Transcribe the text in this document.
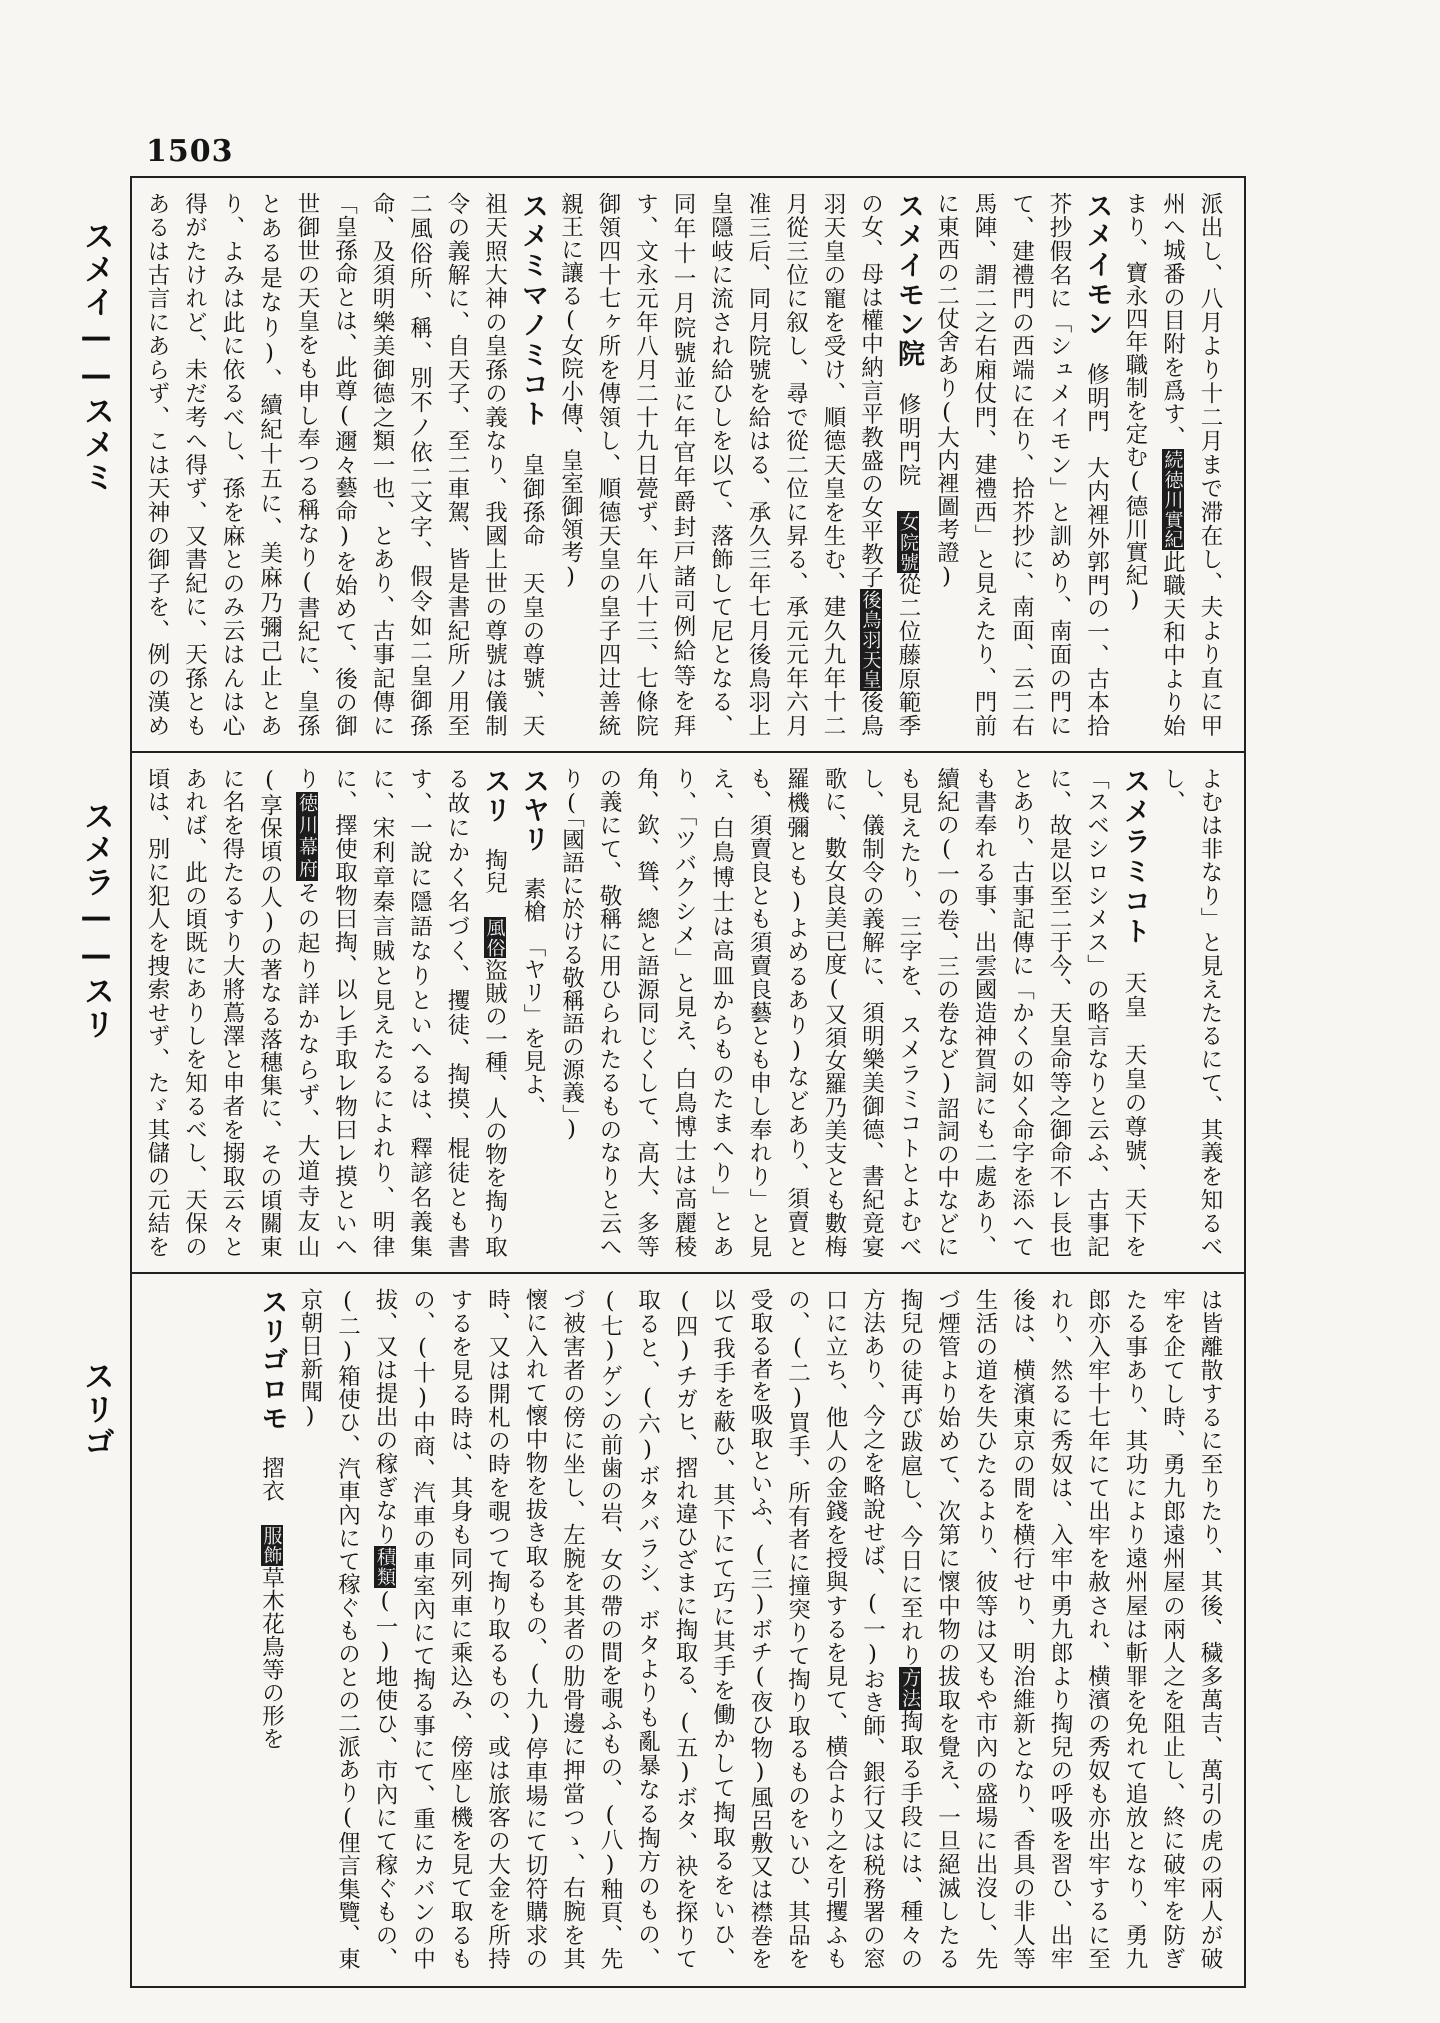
1503
スメイ——スメミ
スメラ——スリ
スリゴ
派出し、八月より十二月まで滞在し、夫より直に甲州へ城番の目附を爲す、続徳川實紀此職天和中より始まり、寶永四年職制を定む(德川實紀)
スメイモン　修明門　大内裡外郭門の一、古本拾芥抄假名に「シュメイモン」と訓めり、南面の門にて、建禮門の西端に在り、拾芥抄に、南面、云二右馬陣、謂二之右廂仗門、建禮西」と見えたり、門前に東西の二仗舍あり(大内裡圖考證)
スメイモン院　修明門院　女院號從二位藤原範季の女、母は權中納言平教盛の女平教子後鳥羽天皇後鳥羽天皇の寵を受け、順德天皇を生む、建久九年十二月從三位に叙し、尋で從二位に昇る、承元元年六月准三后、同月院號を給はる、承久三年七月後鳥羽上皇隱岐に流され給ひしを以て、落飾して尼となる、同年十一月院號並に年官年爵封戸諸司例給等を拜す、文永元年八月二十九日甍ず、年八十三、七條院御領四十七ヶ所を傳領し、順德天皇の皇子四辻善統親王に讓る(女院小傳、皇室御領考)
スメミマノミコト　皇御孫命　天皇の尊號、天祖天照大神の皇孫の義なり、我國上世の尊號は儀制令の義解に、自天子、至二車駕、皆是書紀所ノ用至二風俗所、稱、別不ノ依二文字、假令如二皇御孫命、及須明樂美御德之類一也、とあり、古事記傳に「皇孫命とは、此尊(邇々藝命)を始めて、後の御世御世の天皇をも申し奉つる稱なり(書紀に、皇孫とある是なり)、續紀十五に、美麻乃彌己止とあり、よみは此に依るべし、孫を麻とのみ云はんは心得がたけれど、未だ考へ得ず、又書紀に、天孫ともあるは古言にあらず、こは天神の御子を、例の漢め
よむは非なり」と見えたるにて、其義を知るべし、
スメラミコト　天皇　天皇の尊號、天下を「スベシロシメス」の略言なりと云ふ、古事記に、故是以至二于今、天皇命等之御命不レ長也とあり、古事記傳に「かくの如く命字を添へても書奉れる事、出雲國造神賀詞にも二處あり、續紀の(一の卷、三の卷など)詔詞の中などにも見えたり、三字を、スメラミコトとよむべし、儀制令の義解に、須明樂美御德、書紀竟宴歌に、數女良美已度(又須女羅乃美支とも數梅羅機彌とも)よめるあり)などあり、須賣とも、須賣良とも須賣良藝とも申し奉れり」と見え、白鳥博士は高皿からものたまへり」とあり、「ツバクシメ」と見え、白鳥博士は高麗稜角、欽、聳、總と語源同じくして、高大、多等の義にて、敬稱に用ひられたるものなりと云へり(「國語に於ける敬稱語の源義」)
スヤリ　素槍　「ヤリ」を見よ、
スリ　掏兒　風俗盜賊の一種、人の物を掏り取る故にかく名づく、攫徒、掏摸、棍徒とも書す、一說に隱語なりといへるは、釋諺名義集に、宋利章秦言賊と見えたるによれり、明律に、擇使取物曰掏、以レ手取レ物曰レ摸といへり徳川幕府その起り詳かならず、大道寺友山(享保頃の人)の著なる落穗集に、その頃關東に名を得たるすり大將蔦澤と申者を搦取云々とあれば、此の頃既にありしを知るべし、天保の頃は、別に犯人を捜索せず、たゞ其儲の元結を
は皆離散するに至りたり、其後、穢多萬吉、萬引の虎の兩人が破牢を企てし時、勇九郎遠州屋の兩人之を阻止し、終に破牢を防ぎたる事あり、其功により遠州屋は斬罪を免れて追放となり、勇九郎亦入牢十七年にて出牢を赦され、横濱の秀奴も亦出牢するに至れり、然るに秀奴は、入牢中勇九郎より掏兒の呼吸を習ひ、出牢後は、横濱東京の間を横行せり、明治維新となり、香具の非人等生活の道を失ひたるより、彼等は又もや市內の盛場に出沒し、先づ煙管より始めて、次第に懷中物の拔取を覺え、一旦絕滅したる掏兒の徒再び跋扈し、今日に至れり方法掏取る手段には、種々の方法あり、今之を略說せば、(一)おき師、銀行又は税務署の窓口に立ち、他人の金錢を授與するを見て、横合より之を引攫ふもの、(二)買手、所有者に撞突りて掏り取るものをいひ、其品を受取る者を吸取といふ、(三)ボチ(夜ひ物)風呂敷又は襟巻を以て我手を蔽ひ、其下にて巧に其手を働かして掏取るをいひ、(四)チガヒ、摺れ違ひざまに掏取る、(五)ボタ、袂を探りて取ると、(六)ボタバラシ、ボタよりも亂暴なる掏方のもの、(七)ゲンの前歯の岩、女の帶の間を覗ふもの、(八)釉頁、先づ被害者の傍に坐し、左腕を其者の肋骨邊に押當つゝ、右腕を其懷に入れて懷中物を拔き取るもの、(九)停車場にて切符購求の時、又は開札の時を覗つて掏り取るもの、或は旅客の大金を所持するを見る時は、其身も同列車に乘込み、傍座し機を見て取るもの、(十)中商、汽車の車室內にて掏る事にて、重にカバンの中拔、又は提出の稼ぎなり積類(一)地使ひ、市內にて稼ぐもの、(二)箱使ひ、汽車內にて稼ぐものとの二派あり(俚言集覽、東京朝日新聞)
スリゴロモ　摺衣　服飾草木花鳥等の形を
